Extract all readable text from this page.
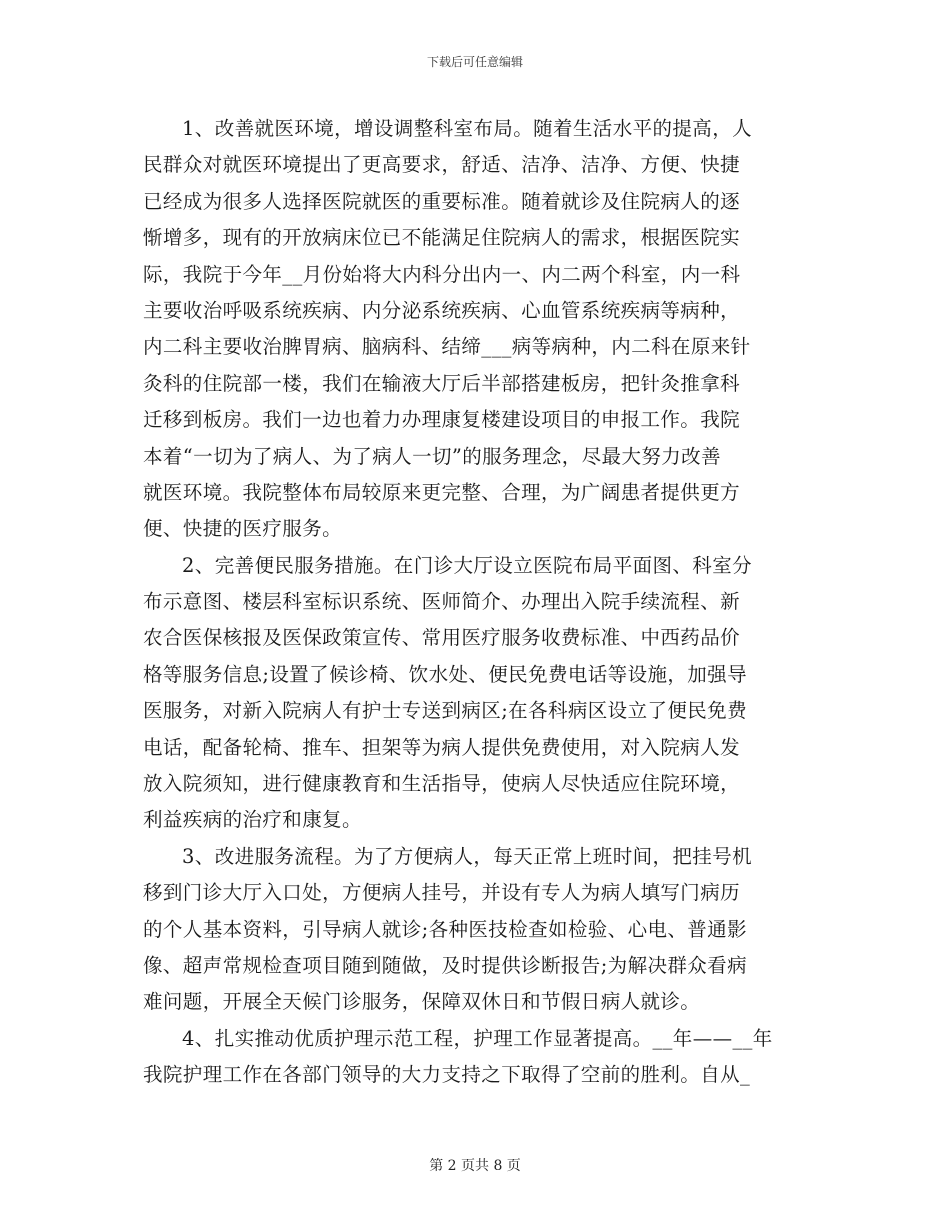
下载后可任意编辑
1、改善就医环境，增设调整科室布局。随着生活水平的提高，人
民群众对就医环境提出了更高要求，舒适、洁净、洁净、方便、快捷
已经成为很多人选择医院就医的重要标准。随着就诊及住院病人的逐
惭增多，现有的开放病床位已不能满足住院病人的需求，根据医院实
际，我院于今年__月份始将大内科分出内一、内二两个科室，内一科
主要收治呼吸系统疾病、内分泌系统疾病、心血管系统疾病等病种，
内二科主要收治脾胃病、脑病科、结缔___病等病种，内二科在原来针
灸科的住院部一楼，我们在输液大厅后半部搭建板房，把针灸推拿科
迁移到板房。我们一边也着力办理康复楼建设项目的申报工作。我院
本着“一切为了病人、为了病人一切”的服务理念，尽最大努力改善
就医环境。我院整体布局较原来更完整、合理，为广阔患者提供更方
便、快捷的医疗服务。
2、完善便民服务措施。在门诊大厅设立医院布局平面图、科室分
布示意图、楼层科室标识系统、医师简介、办理出入院手续流程、新
农合医保核报及医保政策宣传、常用医疗服务收费标准、中西药品价
格等服务信息;设置了候诊椅、饮水处、便民免费电话等设施，加强导
医服务，对新入院病人有护士专送到病区;在各科病区设立了便民免费
电话，配备轮椅、推车、担架等为病人提供免费使用，对入院病人发
放入院须知，进行健康教育和生活指导，使病人尽快适应住院环境，
利益疾病的治疗和康复。
3、改进服务流程。为了方便病人，每天正常上班时间，把挂号机
移到门诊大厅入口处，方便病人挂号，并设有专人为病人填写门病历
的个人基本资料，引导病人就诊;各种医技检查如检验、心电、普通影
像、超声常规检查项目随到随做，及时提供诊断报告;为解决群众看病
难问题，开展全天候门诊服务，保障双休日和节假日病人就诊。
4、扎实推动优质护理示范工程，护理工作显著提高。__年——__年
我院护理工作在各部门领导的大力支持之下取得了空前的胜利。自从_
第 2 页共 8 页
